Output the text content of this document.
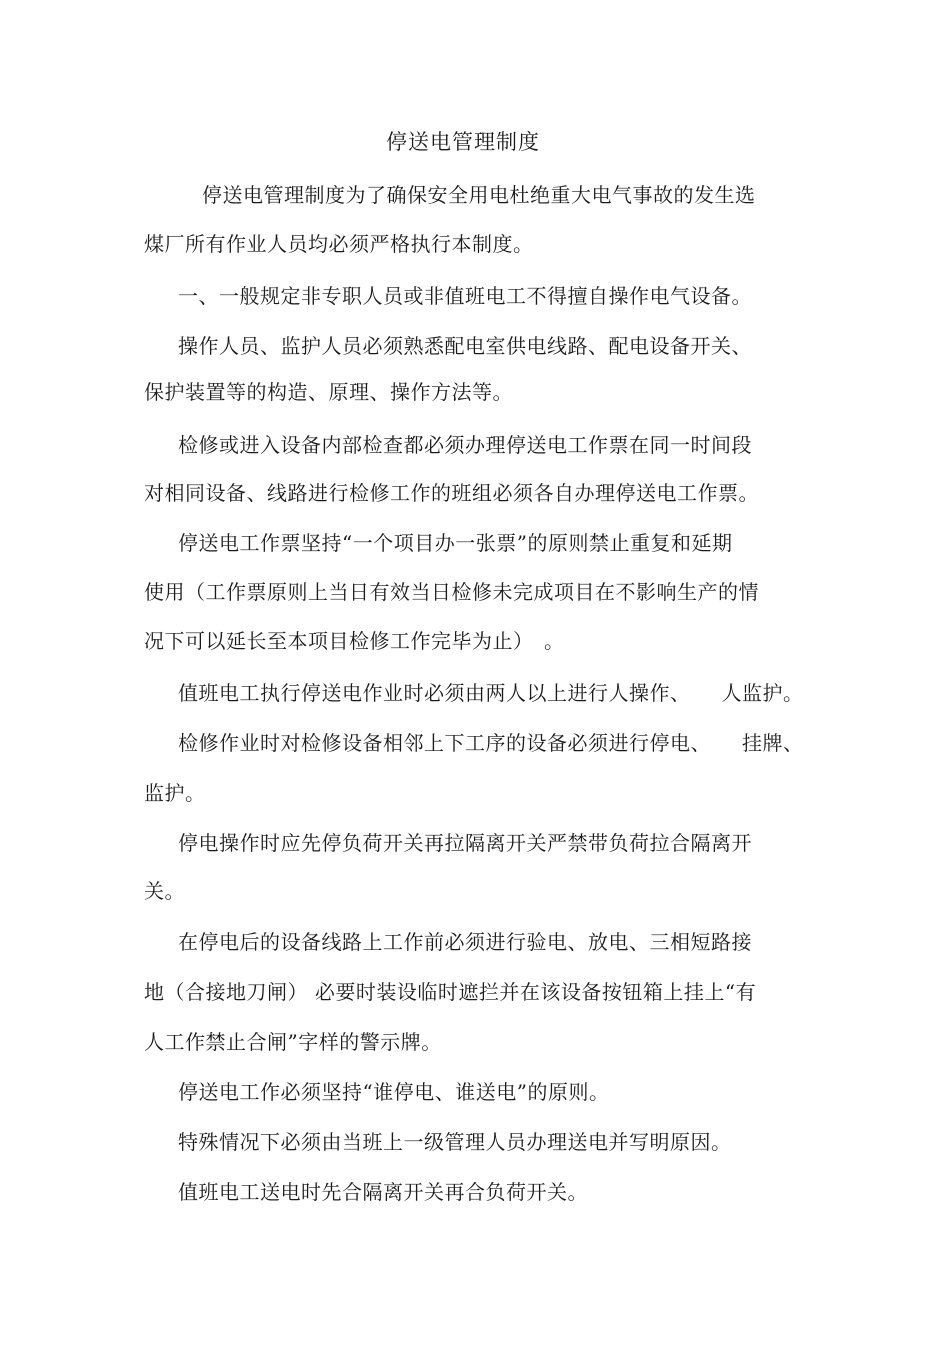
停送电管理制度
停送电管理制度为了确保安全用电杜绝重大电气事故的发生选
煤厂所有作业人员均必须严格执行本制度。
一、一般规定非专职人员或非值班电工不得擅自操作电气设备。
操作人员、监护人员必须熟悉配电室供电线路、配电设备开关、
保护装置等的构造、原理、操作方法等。
检修或进入设备内部检查都必须办理停送电工作票在同一时间段
对相同设备、线路进行检修工作的班组必须各自办理停送电工作票。
停送电工作票坚持“一个项目办一张票”的原则禁止重复和延期
使用（工作票原则上当日有效当日检修未完成项目在不影响生产的情
况下可以延长至本项目检修工作完毕为止）　。
值班电工执行停送电作业时必须由两人以上进行人操作、　　人监护。
检修作业时对检修设备相邻上下工序的设备必须进行停电、　　挂牌、
监护。
停电操作时应先停负荷开关再拉隔离开关严禁带负荷拉合隔离开
关。
在停电后的设备线路上工作前必须进行验电、放电、三相短路接
地（合接地刀闸） 必要时装设临时遮拦并在该设备按钮箱上挂上“有
人工作禁止合闸”字样的警示牌。
停送电工作必须坚持“谁停电、谁送电”的原则。
特殊情况下必须由当班上一级管理人员办理送电并写明原因。
值班电工送电时先合隔离开关再合负荷开关。
